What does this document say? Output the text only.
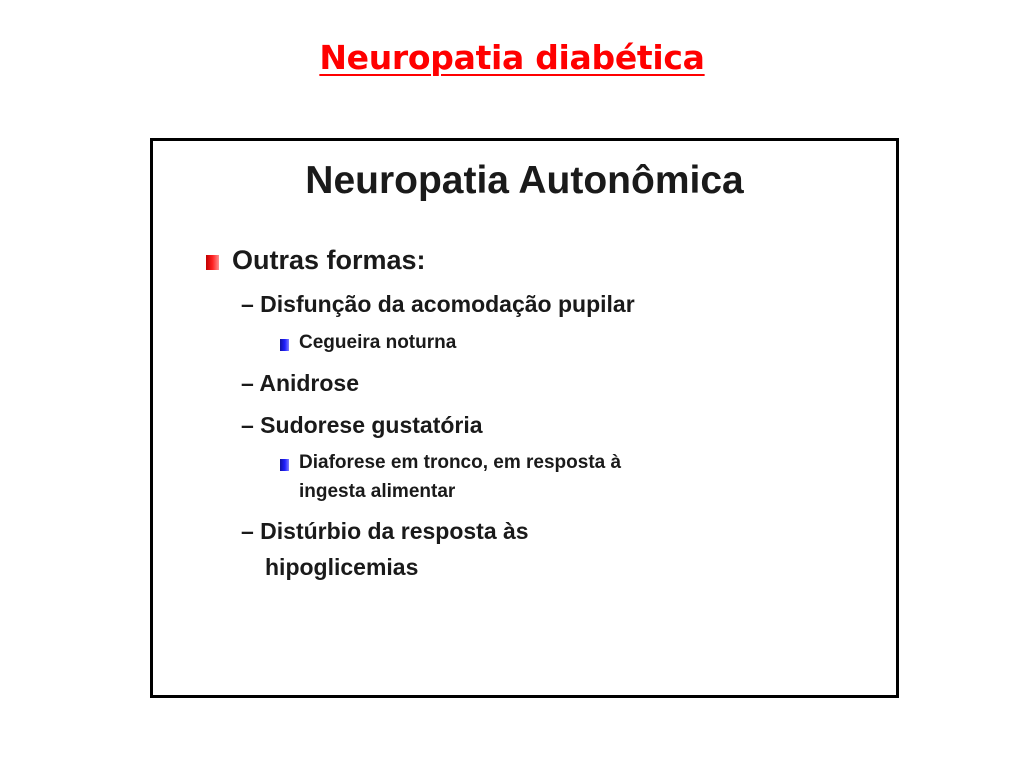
Neuropatia diabética
Neuropatia Autonômica
Outras formas:
– Disfunção da acomodação pupilar
Cegueira noturna
– Anidrose
– Sudorese gustatória
Diaforese em tronco, em resposta à
ingesta alimentar
– Distúrbio da resposta às
hipoglicemias
